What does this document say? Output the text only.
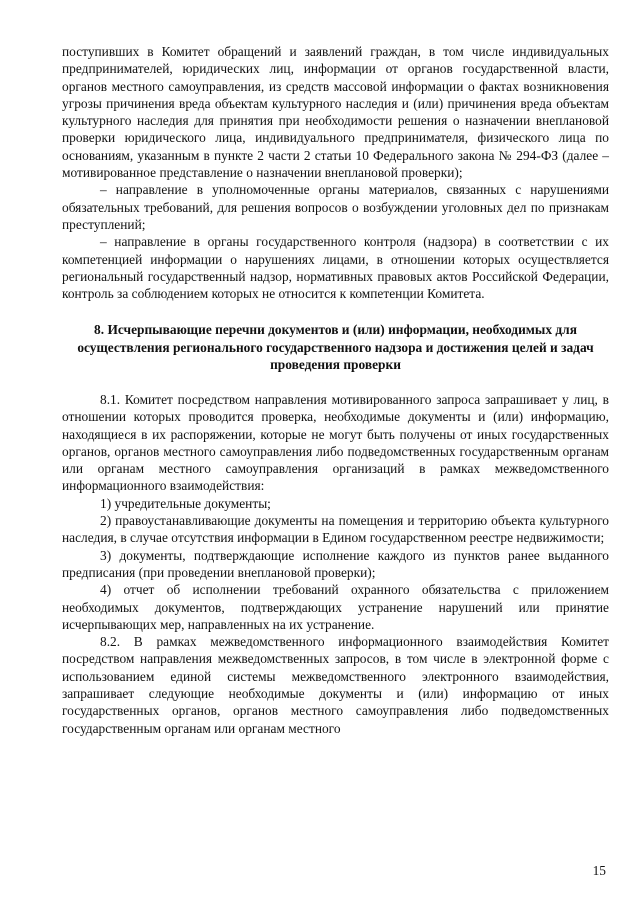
поступивших в Комитет обращений и заявлений граждан, в том числе индивидуальных предпринимателей, юридических лиц, информации от органов государственной власти, органов местного самоуправления, из средств массовой информации о фактах возникновения угрозы причинения вреда объектам культурного наследия и (или) причинения вреда объектам культурного наследия для принятия при необходимости решения о назначении внеплановой проверки юридического лица, индивидуального предпринимателя, физического лица по основаниям, указанным в пункте 2 части 2 статьи 10 Федерального закона № 294-ФЗ (далее – мотивированное представление о назначении внеплановой проверки);

– направление в уполномоченные органы материалов, связанных с нарушениями обязательных требований, для решения вопросов о возбуждении уголовных дел по признакам преступлений;

– направление в органы государственного контроля (надзора) в соответствии с их компетенцией информации о нарушениях лицами, в отношении которых осуществляется региональный государственный надзор, нормативных правовых актов Российской Федерации, контроль за соблюдением которых не относится к компетенции Комитета.

8. Исчерпывающие перечни документов и (или) информации, необходимых для осуществления регионального государственного надзора и достижения целей и задач проведения проверки

8.1. Комитет посредством направления мотивированного запроса запрашивает у лиц, в отношении которых проводится проверка, необходимые документы и (или) информацию, находящиеся в их распоряжении, которые не могут быть получены от иных государственных органов, органов местного самоуправления либо подведомственных государственным органам или органам местного самоуправления организаций в рамках межведомственного информационного взаимодействия:

1) учредительные документы;

2) правоустанавливающие документы на помещения и территорию объекта культурного наследия, в случае отсутствия информации в Едином государственном реестре недвижимости;

3) документы, подтверждающие исполнение каждого из пунктов ранее выданного предписания (при проведении внеплановой проверки);

4) отчет об исполнении требований охранного обязательства с приложением необходимых документов, подтверждающих устранение нарушений или принятие исчерпывающих мер, направленных на их устранение.

8.2. В рамках межведомственного информационного взаимодействия Комитет посредством направления межведомственных запросов, в том числе в электронной форме с использованием единой системы межведомственного электронного взаимодействия, запрашивает следующие необходимые документы и (или) информацию от иных государственных органов, органов местного самоуправления либо подведомственных государственным органам или органам местного

15
